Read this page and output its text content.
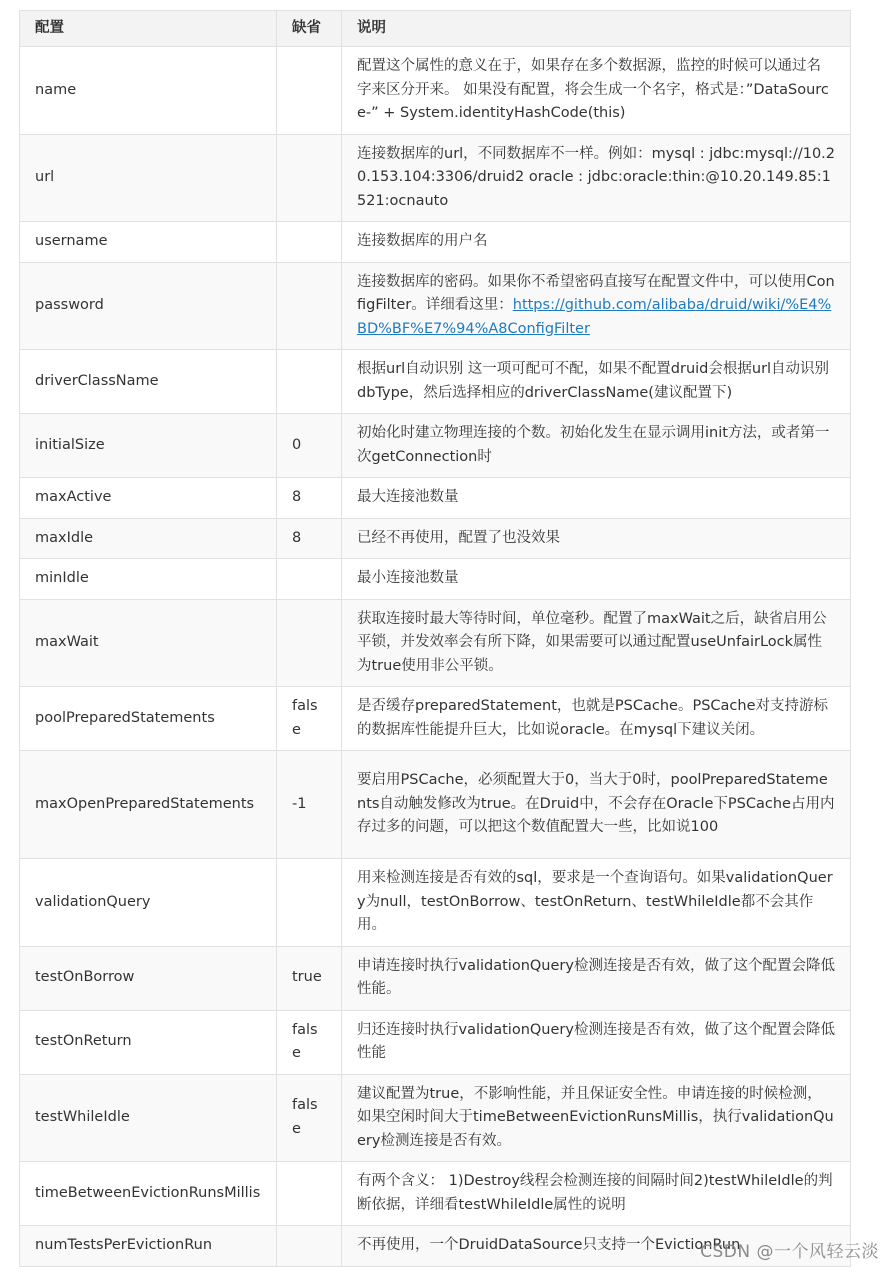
配置	缺省	说明
name		配置这个属性的意义在于，如果存在多个数据源，监控的时候可以通过名字来区分开来。 如果没有配置，将会生成一个名字，格式是：”DataSource-” + System.identityHashCode(this)
url		连接数据库的url，不同数据库不一样。例如：mysql : jdbc:mysql://10.20.153.104:3306/druid2 oracle : jdbc:oracle:thin:@10.20.149.85:1521:ocnauto
username		连接数据库的用户名
password		连接数据库的密码。如果你不希望密码直接写在配置文件中，可以使用ConfigFilter。详细看这里：https://github.com/alibaba/druid/wiki/%E4%BD%BF%E7%94%A8ConfigFilter
driverClassName		根据url自动识别 这一项可配可不配，如果不配置druid会根据url自动识别dbType，然后选择相应的driverClassName(建议配置下)
initialSize	0	初始化时建立物理连接的个数。初始化发生在显示调用init方法，或者第一次getConnection时
maxActive	8	最大连接池数量
maxIdle	8	已经不再使用，配置了也没效果
minIdle		最小连接池数量
maxWait		获取连接时最大等待时间，单位毫秒。配置了maxWait之后，缺省启用公平锁，并发效率会有所下降，如果需要可以通过配置useUnfairLock属性为true使用非公平锁。
poolPreparedStatements	false	是否缓存preparedStatement，也就是PSCache。PSCache对支持游标的数据库性能提升巨大，比如说oracle。在mysql下建议关闭。
maxOpenPreparedStatements	-1	要启用PSCache，必须配置大于0，当大于0时，poolPreparedStatements自动触发修改为true。在Druid中，不会存在Oracle下PSCache占用内存过多的问题，可以把这个数值配置大一些，比如说100
validationQuery		用来检测连接是否有效的sql，要求是一个查询语句。如果validationQuery为null，testOnBorrow、testOnReturn、testWhileIdle都不会其作用。
testOnBorrow	true	申请连接时执行validationQuery检测连接是否有效，做了这个配置会降低性能。
testOnReturn	false	归还连接时执行validationQuery检测连接是否有效，做了这个配置会降低性能
testWhileIdle	false	建议配置为true，不影响性能，并且保证安全性。申请连接的时候检测，如果空闲时间大于timeBetweenEvictionRunsMillis，执行validationQuery检测连接是否有效。
timeBetweenEvictionRunsMillis		有两个含义： 1)Destroy线程会检测连接的间隔时间2)testWhileIdle的判断依据，详细看testWhileIdle属性的说明
numTestsPerEvictionRun		不再使用，一个DruidDataSource只支持一个EvictionRun
CSDN @一个风轻云淡
